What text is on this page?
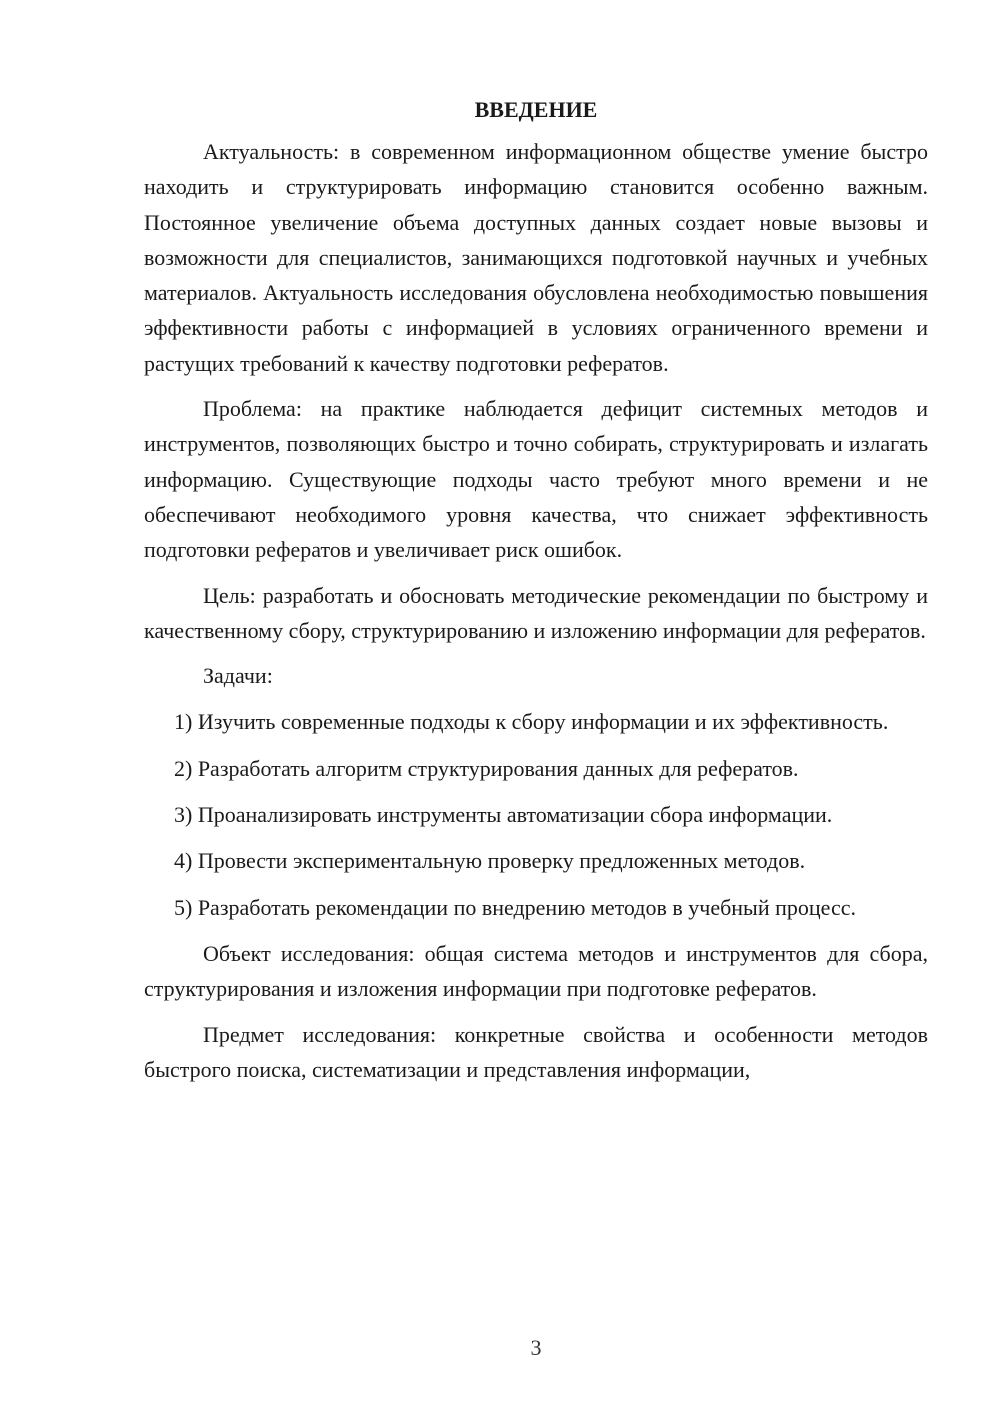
ВВЕДЕНИЕ

Актуальность: в современном информационном обществе умение быстро находить и структурировать информацию становится особенно важным. Постоянное увеличение объема доступных данных создает новые вызовы и возможности для специалистов, занимающихся подготовкой научных и учебных материалов. Актуальность исследования обусловлена необходимостью повышения эффективности работы с информацией в условиях ограниченного времени и растущих требований к качеству подготовки рефератов.

Проблема: на практике наблюдается дефицит системных методов и инструментов, позволяющих быстро и точно собирать, структурировать и излагать информацию. Существующие подходы часто требуют много времени и не обеспечивают необходимого уровня качества, что снижает эффективность подготовки рефератов и увеличивает риск ошибок.

Цель: разработать и обосновать методические рекомендации по быстрому и качественному сбору, структурированию и изложению информации для рефератов.

Задачи:

1) Изучить современные подходы к сбору информации и их эффективность.

2) Разработать алгоритм структурирования данных для рефератов.

3) Проанализировать инструменты автоматизации сбора информации.

4) Провести экспериментальную проверку предложенных методов.

5) Разработать рекомендации по внедрению методов в учебный процесс.

Объект исследования: общая система методов и инструментов для сбора, структурирования и изложения информации при подготовке рефератов.

Предмет исследования: конкретные свойства и особенности методов быстрого поиска, систематизации и представления информации,

3
